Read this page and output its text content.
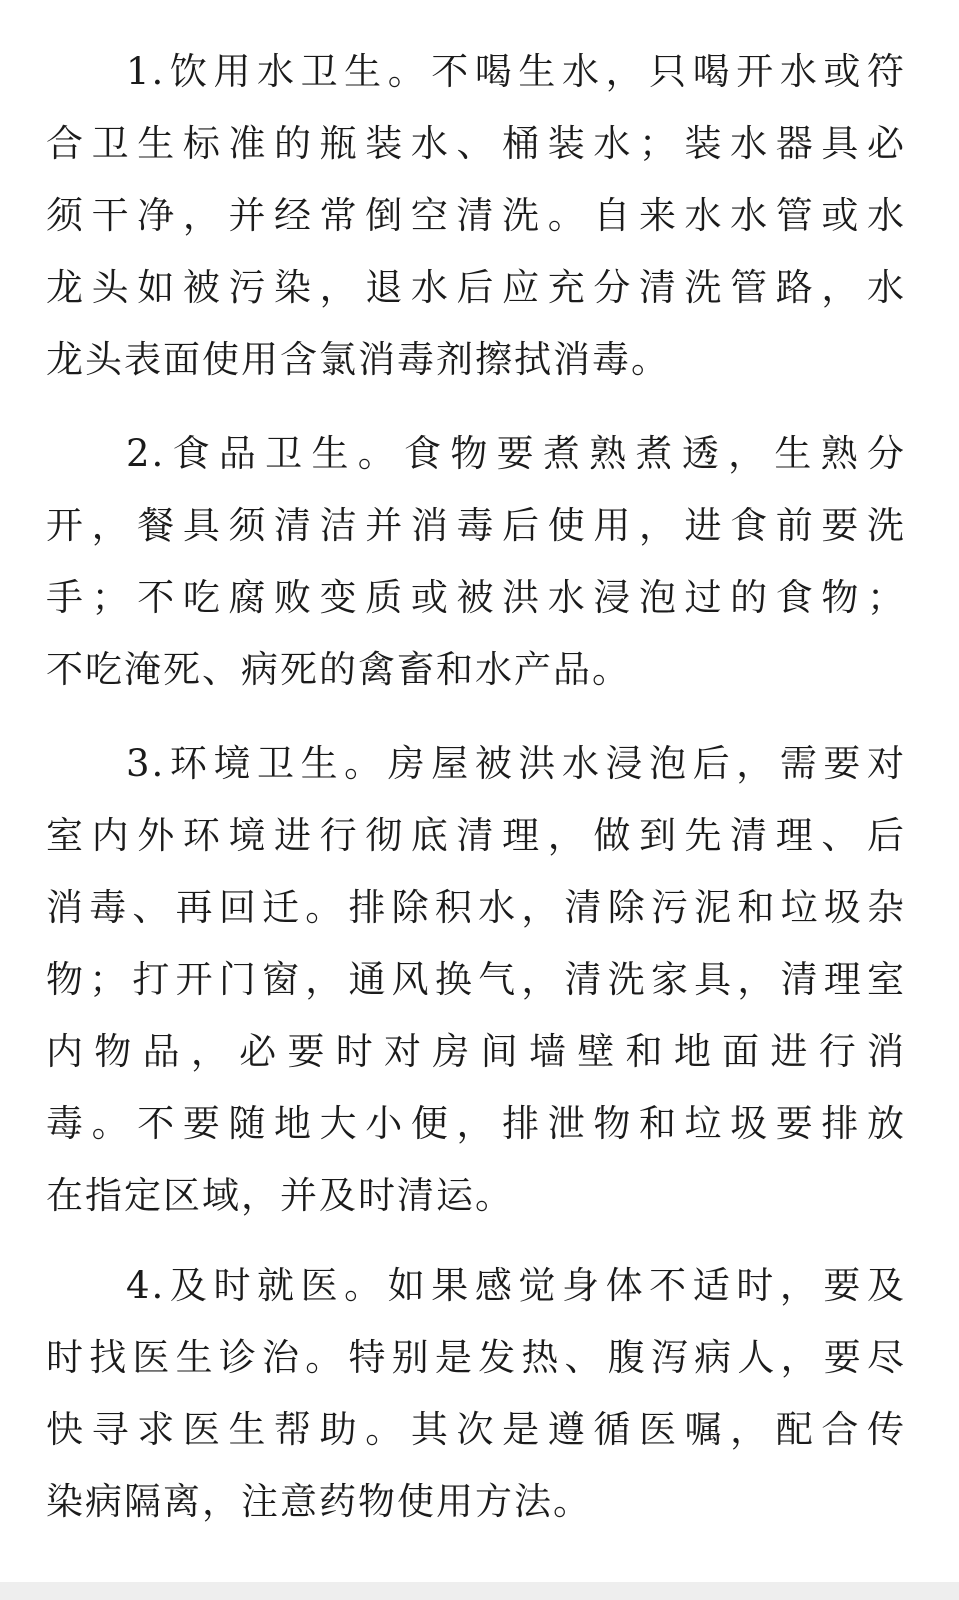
1.饮用水卫生。不喝生水，只喝开水或符
合卫生标准的瓶装水、桶装水；装水器具必
须干净，并经常倒空清洗。自来水水管或水
龙头如被污染，退水后应充分清洗管路，水
龙头表面使用含氯消毒剂擦拭消毒。
2.食品卫生。食物要煮熟煮透，生熟分
开，餐具须清洁并消毒后使用，进食前要洗
手；不吃腐败变质或被洪水浸泡过的食物；
不吃淹死、病死的禽畜和水产品。
3.环境卫生。房屋被洪水浸泡后，需要对
室内外环境进行彻底清理，做到先清理、后
消毒、再回迁。排除积水，清除污泥和垃圾杂
物；打开门窗，通风换气，清洗家具，清理室
内物品，必要时对房间墙壁和地面进行消
毒。不要随地大小便，排泄物和垃圾要排放
在指定区域，并及时清运。
4.及时就医。如果感觉身体不适时，要及
时找医生诊治。特别是发热、腹泻病人，要尽
快寻求医生帮助。其次是遵循医嘱，配合传
染病隔离，注意药物使用方法。
